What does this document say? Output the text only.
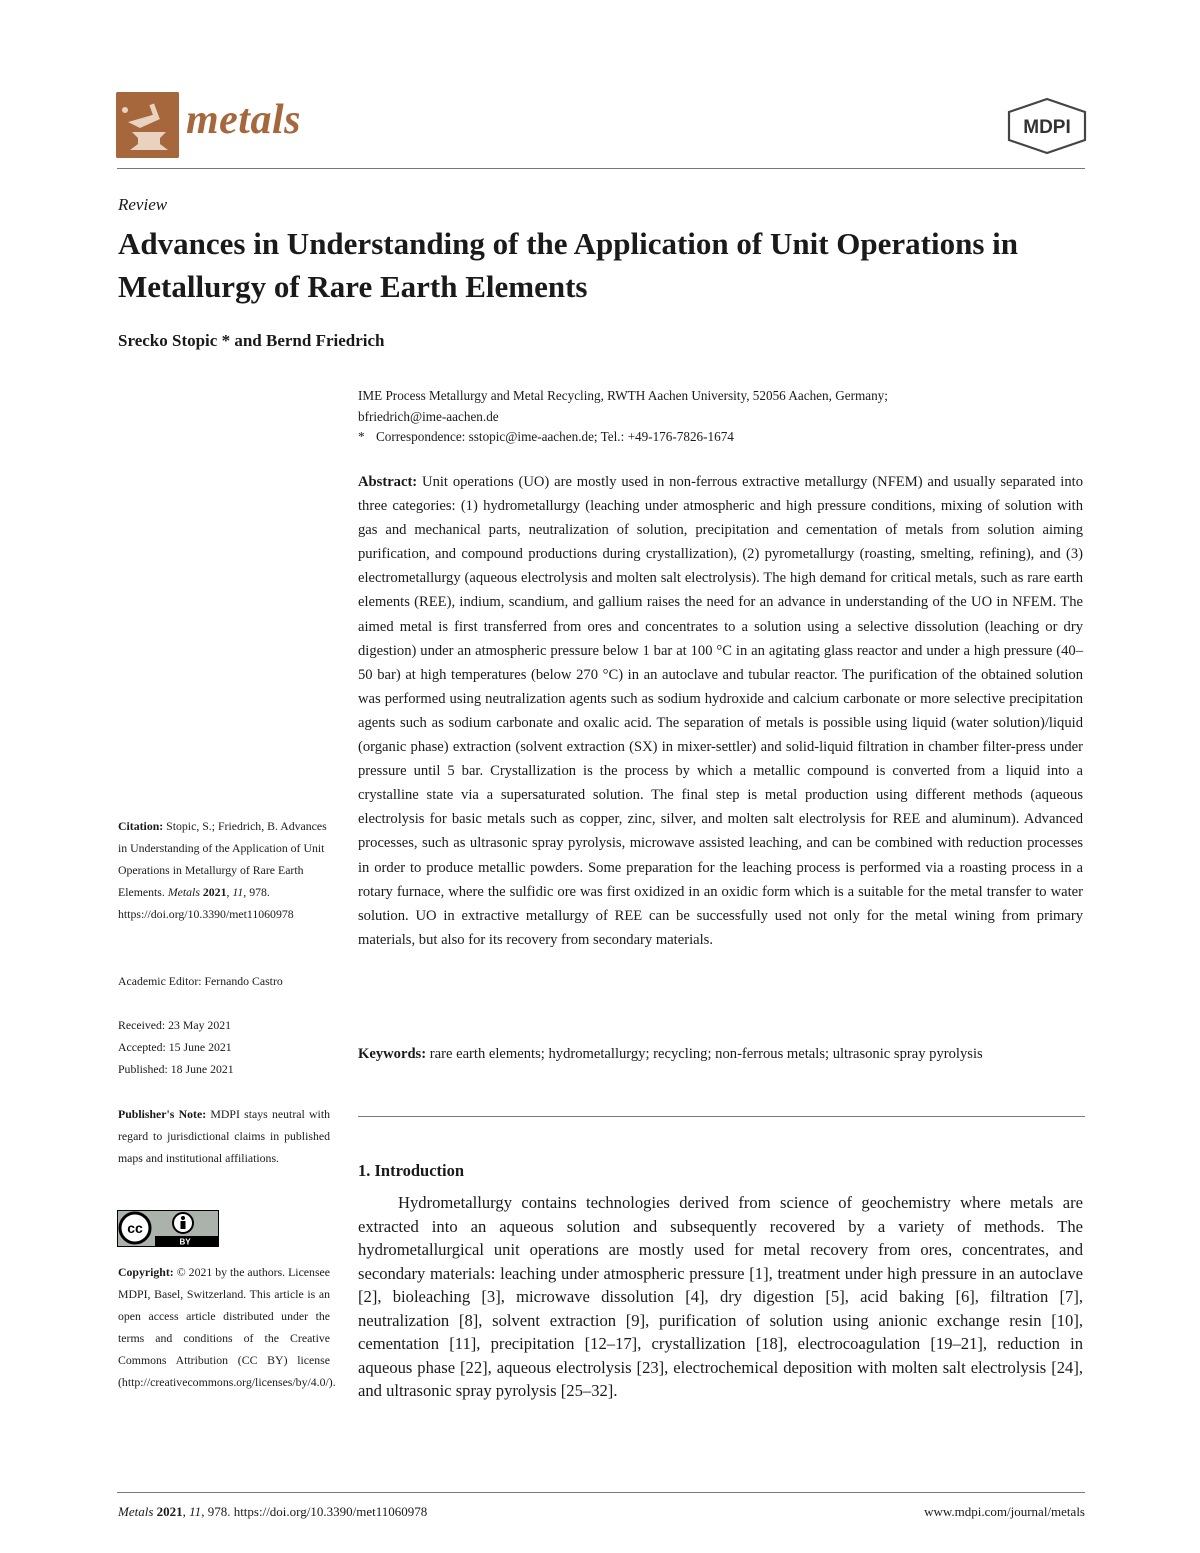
metals	MDPI
Review
Advances in Understanding of the Application of Unit Operations in Metallurgy of Rare Earth Elements
Srecko Stopic * and Bernd Friedrich
IME Process Metallurgy and Metal Recycling, RWTH Aachen University, 52056 Aachen, Germany;
bfriedrich@ime-aachen.de
* Correspondence: sstopic@ime-aachen.de; Tel.: +49-176-7826-1674
Abstract: Unit operations (UO) are mostly used in non-ferrous extractive metallurgy (NFEM) and usually separated into three categories: (1) hydrometallurgy (leaching under atmospheric and high pressure conditions, mixing of solution with gas and mechanical parts, neutralization of solution, precipitation and cementation of metals from solution aiming purification, and compound productions during crystallization), (2) pyrometallurgy (roasting, smelting, refining), and (3) electrometallurgy (aqueous electrolysis and molten salt electrolysis). The high demand for critical metals, such as rare earth elements (REE), indium, scandium, and gallium raises the need for an advance in understanding of the UO in NFEM. The aimed metal is first transferred from ores and concentrates to a solution using a selective dissolution (leaching or dry digestion) under an atmospheric pressure below 1 bar at 100 °C in an agitating glass reactor and under a high pressure (40–50 bar) at high temperatures (below 270 °C) in an autoclave and tubular reactor. The purification of the obtained solution was performed using neutralization agents such as sodium hydroxide and calcium carbonate or more selective precipitation agents such as sodium carbonate and oxalic acid. The separation of metals is possible using liquid (water solution)/liquid (organic phase) extraction (solvent extraction (SX) in mixer-settler) and solid-liquid filtration in chamber filter-press under pressure until 5 bar. Crystallization is the process by which a metallic compound is converted from a liquid into a crystalline state via a supersaturated solution. The final step is metal production using different methods (aqueous electrolysis for basic metals such as copper, zinc, silver, and molten salt electrolysis for REE and aluminum). Advanced processes, such as ultrasonic spray pyrolysis, microwave assisted leaching, and can be combined with reduction processes in order to produce metallic powders. Some preparation for the leaching process is performed via a roasting process in a rotary furnace, where the sulfidic ore was first oxidized in an oxidic form which is a suitable for the metal transfer to water solution. UO in extractive metallurgy of REE can be successfully used not only for the metal wining from primary materials, but also for its recovery from secondary materials.
Keywords: rare earth elements; hydrometallurgy; recycling; non-ferrous metals; ultrasonic spray pyrolysis
1. Introduction
Hydrometallurgy contains technologies derived from science of geochemistry where metals are extracted into an aqueous solution and subsequently recovered by a variety of methods. The hydrometallurgical unit operations are mostly used for metal recovery from ores, concentrates, and secondary materials: leaching under atmospheric pressure [1], treatment under high pressure in an autoclave [2], bioleaching [3], microwave dissolution [4], dry digestion [5], acid baking [6], filtration [7], neutralization [8], solvent extraction [9], purification of solution using anionic exchange resin [10], cementation [11], precipitation [12–17], crystallization [18], electrocoagulation [19–21], reduction in aqueous phase [22], aqueous electrolysis [23], electrochemical deposition with molten salt electrolysis [24], and ultrasonic spray pyrolysis [25–32].
Citation: Stopic, S.; Friedrich, B. Advances in Understanding of the Application of Unit Operations in Metallurgy of Rare Earth Elements. Metals 2021, 11, 978.
https://doi.org/10.3390/met11060978
Academic Editor: Fernando Castro
Received: 23 May 2021
Accepted: 15 June 2021
Published: 18 June 2021
Publisher's Note: MDPI stays neutral with regard to jurisdictional claims in published maps and institutional affiliations.
BY
cc
Copyright: © 2021 by the authors. Licensee MDPI, Basel, Switzerland. This article is an open access article distributed under the terms and conditions of the Creative Commons Attribution (CC BY) license (http://creativecommons.org/licenses/by/4.0/).
Metals 2021, 11, 978. https://doi.org/10.3390/met11060978	www.mdpi.com/journal/metals
